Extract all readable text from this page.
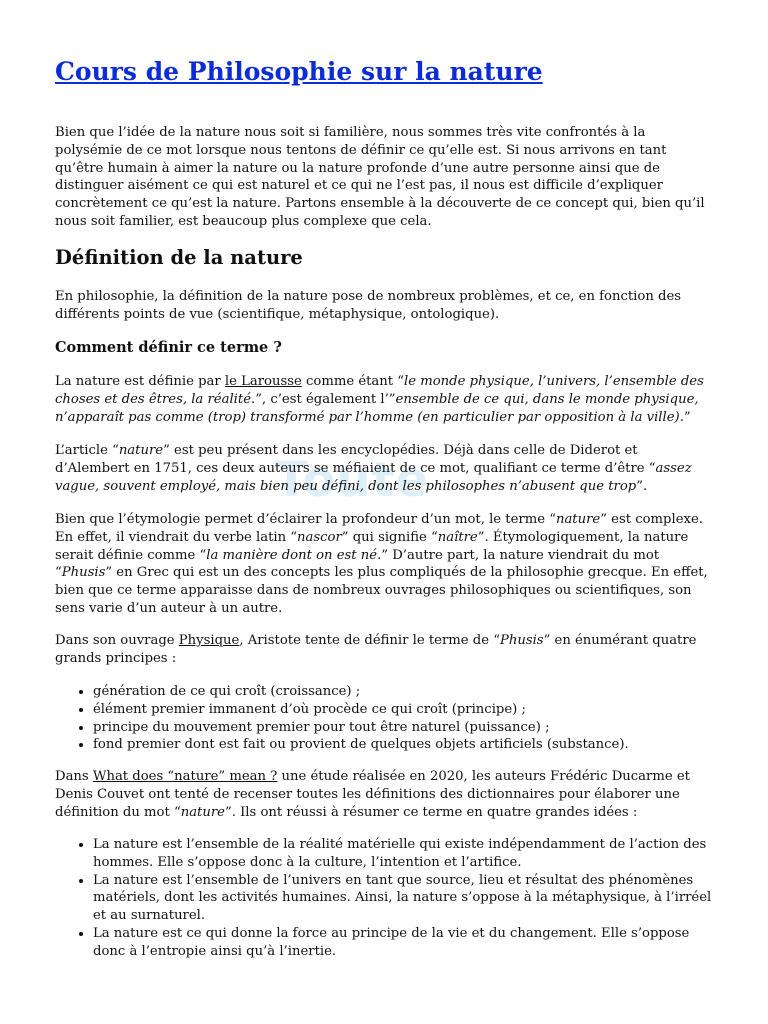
Toute
Cours de Philosophie sur la nature

Bien que l’idée de la nature nous soit si familière, nous sommes très vite confrontés à la polysémie de ce mot lorsque nous tentons de définir ce qu’elle est. Si nous arrivons en tant qu’être humain à aimer la nature ou la nature profonde d’une autre personne ainsi que de distinguer aisément ce qui est naturel et ce qui ne l’est pas, il nous est difficile d’expliquer concrètement ce qu’est la nature. Partons ensemble à la découverte de ce concept qui, bien qu’il nous soit familier, est beaucoup plus complexe que cela.

Définition de la nature

En philosophie, la définition de la nature pose de nombreux problèmes, et ce, en fonction des différents points de vue (scientifique, métaphysique, ontologique).

Comment définir ce terme ?

La nature est définie par le Larousse comme étant “le monde physique, l’univers, l’ensemble des choses et des êtres, la réalité.”, c’est également l’”ensemble de ce qui, dans le monde physique, n’apparaît pas comme (trop) transformé par l’homme (en particulier par opposition à la ville).”

L’article “nature” est peu présent dans les encyclopédies. Déjà dans celle de Diderot et d’Alembert en 1751, ces deux auteurs se méfiaient de ce mot, qualifiant ce terme d’être “assez vague, souvent employé, mais bien peu défini, dont les philosophes n’abusent que trop”.

Bien que l’étymologie permet d’éclairer la profondeur d’un mot, le terme “nature” est complexe. En effet, il viendrait du verbe latin “nascor” qui signifie “naître”. Étymologiquement, la nature serait définie comme “la manière dont on est né.” D’autre part, la nature viendrait du mot “Phusis” en Grec qui est un des concepts les plus compliqués de la philosophie grecque. En effet, bien que ce terme apparaisse dans de nombreux ouvrages philosophiques ou scientifiques, son sens varie d’un auteur à un autre.

Dans son ouvrage Physique, Aristote tente de définir le terme de “Phusis” en énumérant quatre grands principes :

• génération de ce qui croît (croissance) ;
• élément premier immanent d’où procède ce qui croît (principe) ;
• principe du mouvement premier pour tout être naturel (puissance) ;
• fond premier dont est fait ou provient de quelques objets artificiels (substance).

Dans What does “nature” mean ? une étude réalisée en 2020, les auteurs Frédéric Ducarme et Denis Couvet ont tenté de recenser toutes les définitions des dictionnaires pour élaborer une définition du mot “nature”. Ils ont réussi à résumer ce terme en quatre grandes idées :

• La nature est l’ensemble de la réalité matérielle qui existe indépendamment de l’action des hommes. Elle s’oppose donc à la culture, l’intention et l’artifice.
• La nature est l’ensemble de l’univers en tant que source, lieu et résultat des phénomènes matériels, dont les activités humaines. Ainsi, la nature s’oppose à la métaphysique, à l’irréel et au surnaturel.
• La nature est ce qui donne la force au principe de la vie et du changement. Elle s’oppose donc à l’entropie ainsi qu’à l’inertie.
